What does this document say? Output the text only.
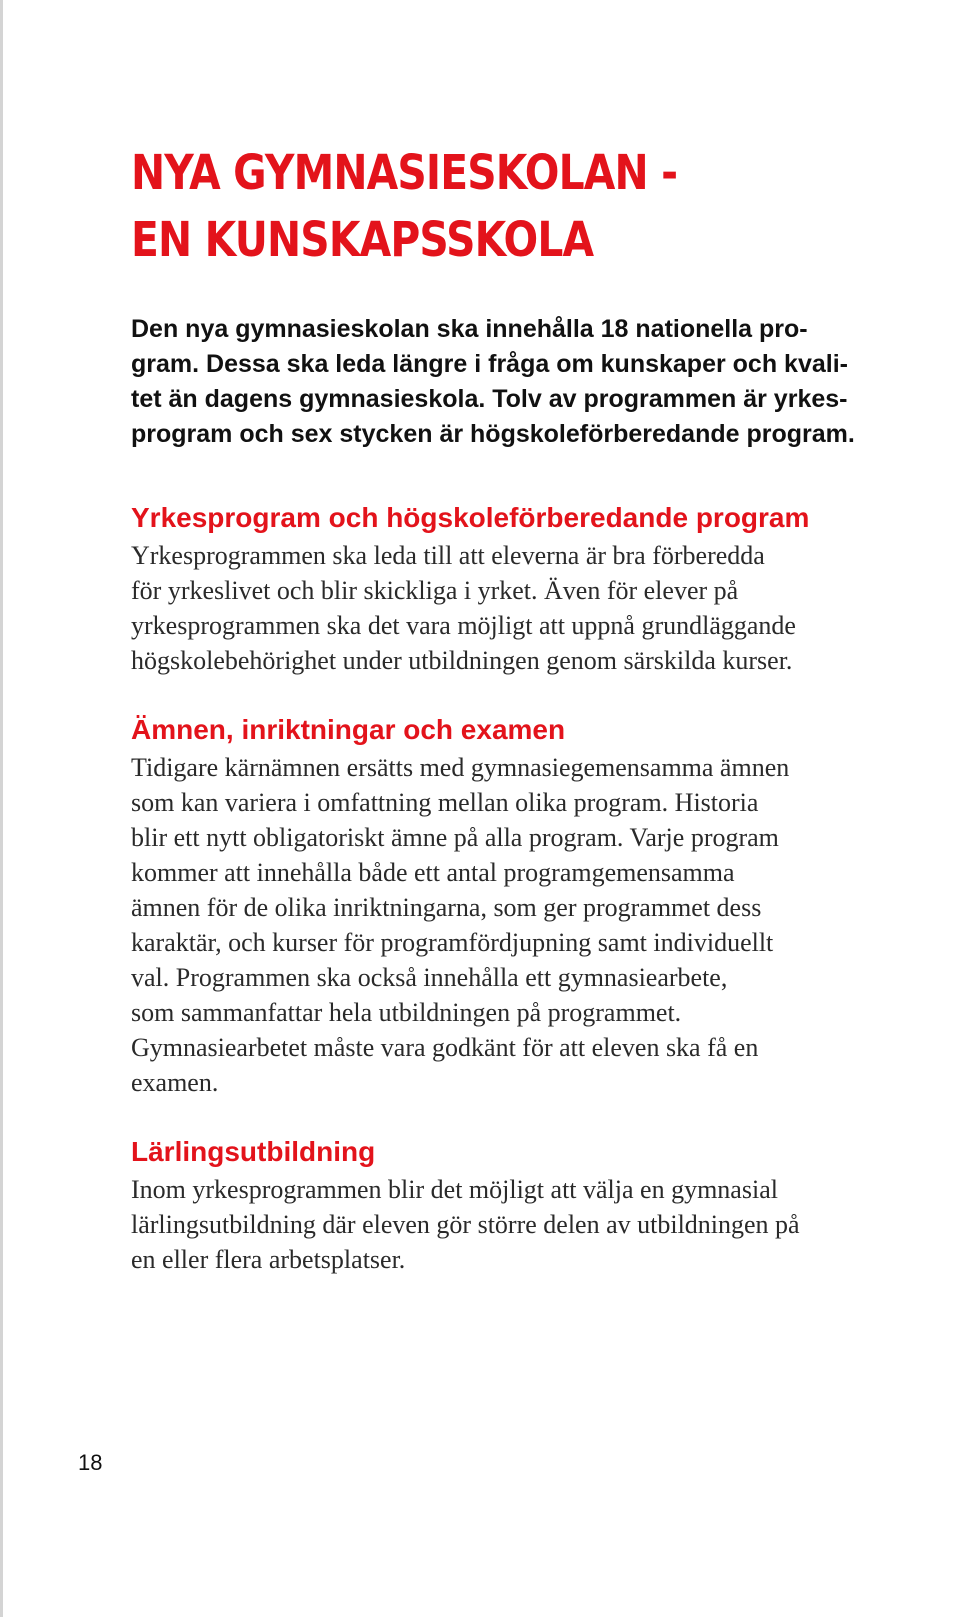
NYA GYMNASIESKOLAN -
EN KUNSKAPSSKOLA
Den nya gymnasieskolan ska innehålla 18 nationella pro-
gram. Dessa ska leda längre i fråga om kunskaper och kvali-
tet än dagens gymnasieskola. Tolv av programmen är yrkes-
program och sex stycken är högskoleförberedande program.
Yrkesprogram och högskoleförberedande program
Yrkesprogrammen ska leda till att eleverna är bra förberedda
för yrkeslivet och blir skickliga i yrket. Även för elever på
yrkesprogrammen ska det vara möjligt att uppnå grundläggande
högskolebehörighet under utbildningen genom särskilda kurser.
Ämnen, inriktningar och examen
Tidigare kärnämnen ersätts med gymnasiegemensamma ämnen
som kan variera i omfattning mellan olika program. Historia
blir ett nytt obligatoriskt ämne på alla program. Varje program
kommer att innehålla både ett antal programgemensamma
ämnen för de olika inriktningarna, som ger programmet dess
karaktär, och kurser för programfördjupning samt individuellt
val. Programmen ska också innehålla ett gymnasiearbete,
som sammanfattar hela utbildningen på programmet.
Gymnasiearbetet måste vara godkänt för att eleven ska få en
examen.
Lärlingsutbildning
Inom yrkesprogrammen blir det möjligt att välja en gymnasial
lärlingsutbildning där eleven gör större delen av utbildningen på
en eller flera arbetsplatser.
18
